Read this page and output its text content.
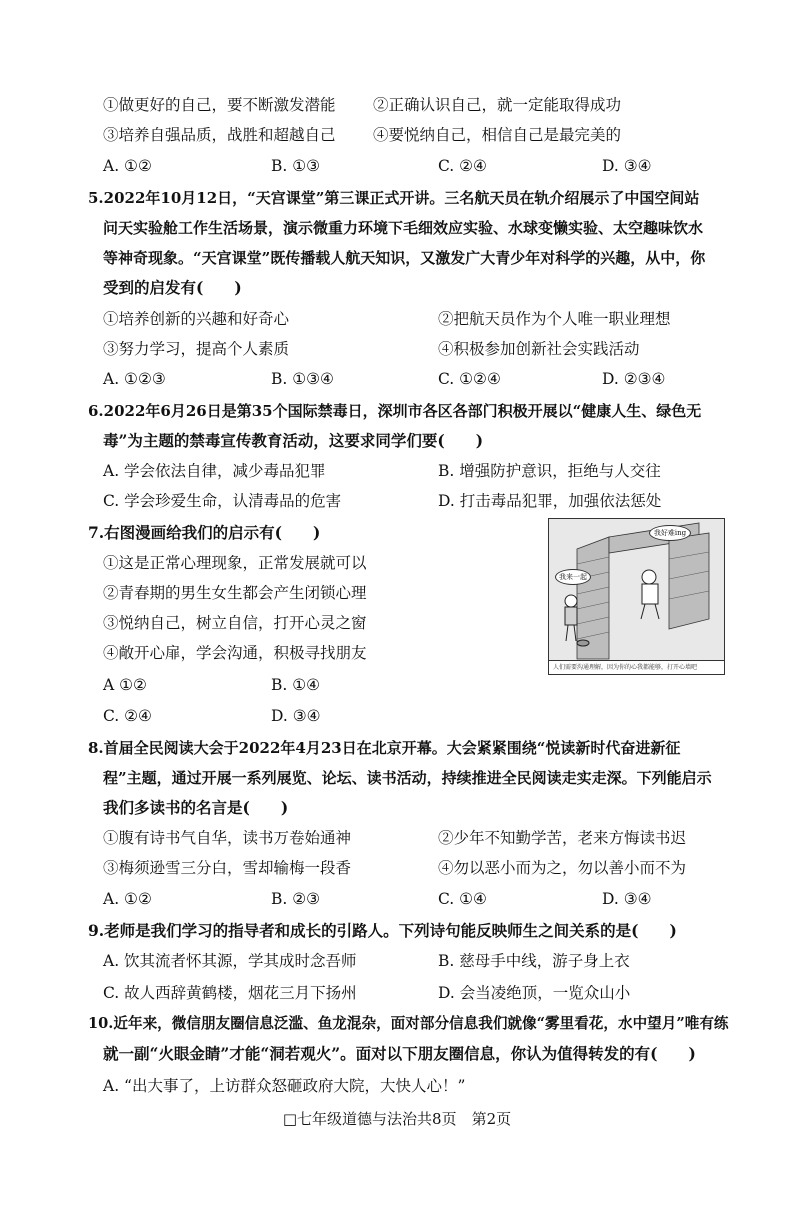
①做更好的自己，要不断激发潜能 ②正确认识自己，就一定能取得成功
③培养自强品质，战胜和超越自己 ④要悦纳自己，相信自己是最完美的
A. ①②	B. ①③	C. ②④	D. ③④
5.2022年10月12日，“天宫课堂”第三课正式开讲。三名航天员在轨介绍展示了中国空间站
问天实验舱工作生活场景，演示微重力环境下毛细效应实验、水球变懒实验、太空趣味饮水
等神奇现象。“天宫课堂”既传播载人航天知识，又激发广大青少年对科学的兴趣，从中，你
受到的启发有(　　)
①培养创新的兴趣和好奇心	②把航天员作为个人唯一职业理想
③努力学习，提高个人素质	④积极参加创新社会实践活动
A. ①②③	B. ①③④	C. ①②④	D. ②③④
6.2022年6月26日是第35个国际禁毒日，深圳市各区各部门积极开展以“健康人生、绿色无
毒”为主题的禁毒宣传教育活动，这要求同学们要(　　)
A. 学会依法自律，减少毒品犯罪	B. 增强防护意识，拒绝与人交往
C. 学会珍爱生命，认清毒品的危害	D. 打击毒品犯罪，加强依法惩处
7.右图漫画给我们的启示有(　　)
①这是正常心理现象，正常发展就可以
②青春期的男生女生都会产生闭锁心理
③悦纳自己，树立自信，打开心灵之窗
④敞开心扉，学会沟通，积极寻找朋友
A ①②	B. ①④
C. ②④	D. ③④
我好难ing
我来一起
人们需要沟通理解，因为你的心我都能够，打开心墙吧
8.首届全民阅读大会于2022年4月23日在北京开幕。大会紧紧围绕“悦读新时代奋进新征
程”主题，通过开展一系列展览、论坛、读书活动，持续推进全民阅读走实走深。下列能启示
我们多读书的名言是(　　)
①腹有诗书气自华，读书万卷始通神	②少年不知勤学苦，老来方悔读书迟
③梅须逊雪三分白，雪却输梅一段香	④勿以恶小而为之，勿以善小而不为
A. ①②	B. ②③	C. ①④	D. ③④
9.老师是我们学习的指导者和成长的引路人。下列诗句能反映师生之间关系的是(　　)
A. 饮其流者怀其源，学其成时念吾师	B. 慈母手中线，游子身上衣
C. 故人西辞黄鹤楼，烟花三月下扬州	D. 会当凌绝顶，一览众山小
10.近年来，微信朋友圈信息泛滥、鱼龙混杂，面对部分信息我们就像“雾里看花，水中望月”唯有练
就一副“火眼金睛”才能“洞若观火”。面对以下朋友圈信息，你认为值得转发的有(　　)
A. “出大事了，上访群众怒砸政府大院，大快人心！”
□七年级道德与法治共8页　第2页
